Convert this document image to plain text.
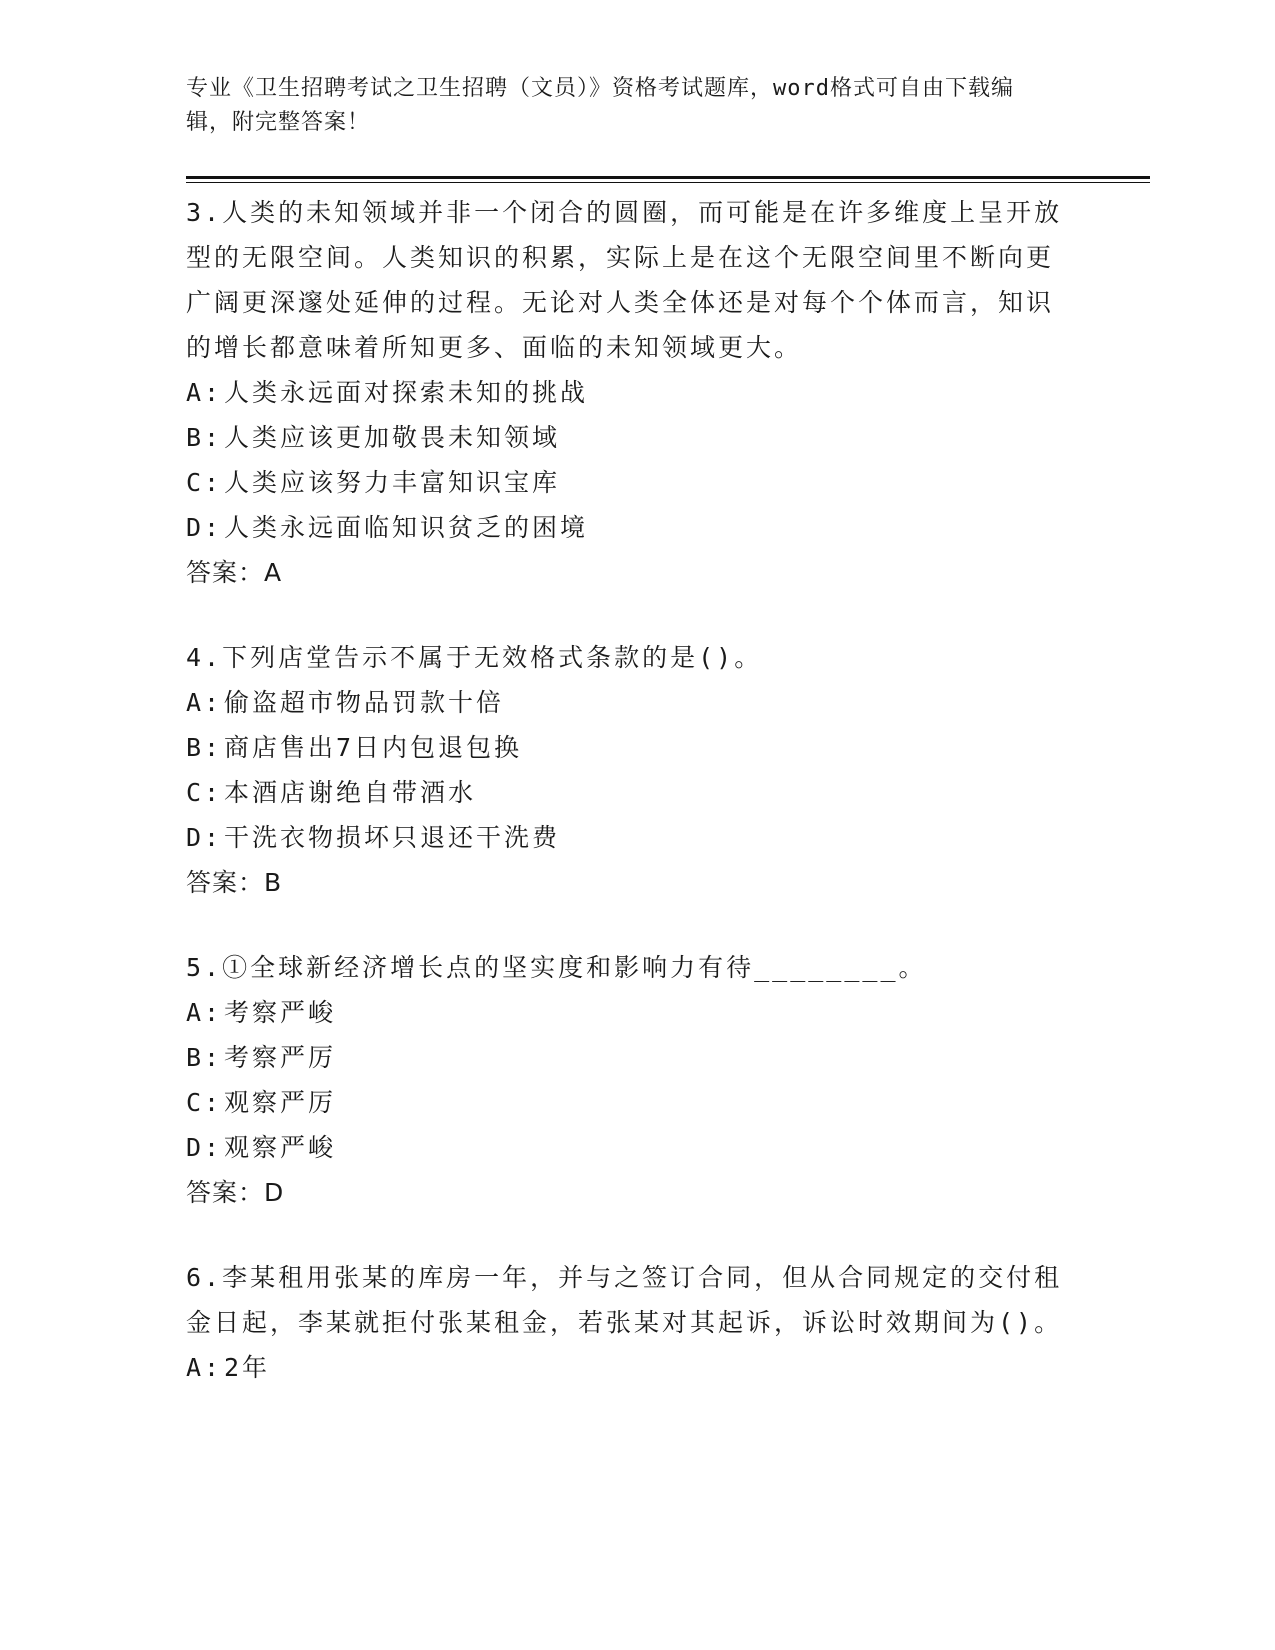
专业《卫生招聘考试之卫生招聘（文员）》资格考试题库，word格式可自由下载编辑，附完整答案！

3.人类的未知领域并非一个闭合的圆圈，而可能是在许多维度上呈开放型的无限空间。人类知识的积累，实际上是在这个无限空间里不断向更广阔更深邃处延伸的过程。无论对人类全体还是对每个个体而言，知识的增长都意味着所知更多、面临的未知领域更大。

A:人类永远面对探索未知的挑战

B:人类应该更加敬畏未知领域

C:人类应该努力丰富知识宝库

D:人类永远面临知识贫乏的困境

答案：A

4.下列店堂告示不属于无效格式条款的是()。

A:偷盗超市物品罚款十倍

B:商店售出7日内包退包换

C:本酒店谢绝自带酒水

D:干洗衣物损坏只退还干洗费

答案：B

5.①全球新经济增长点的坚实度和影响力有待________。

A:考察严峻

B:考察严厉

C:观察严厉

D:观察严峻

答案：D

6.李某租用张某的库房一年，并与之签订合同，但从合同规定的交付租金日起，李某就拒付张某租金，若张某对其起诉，诉讼时效期间为()。

A:2年
